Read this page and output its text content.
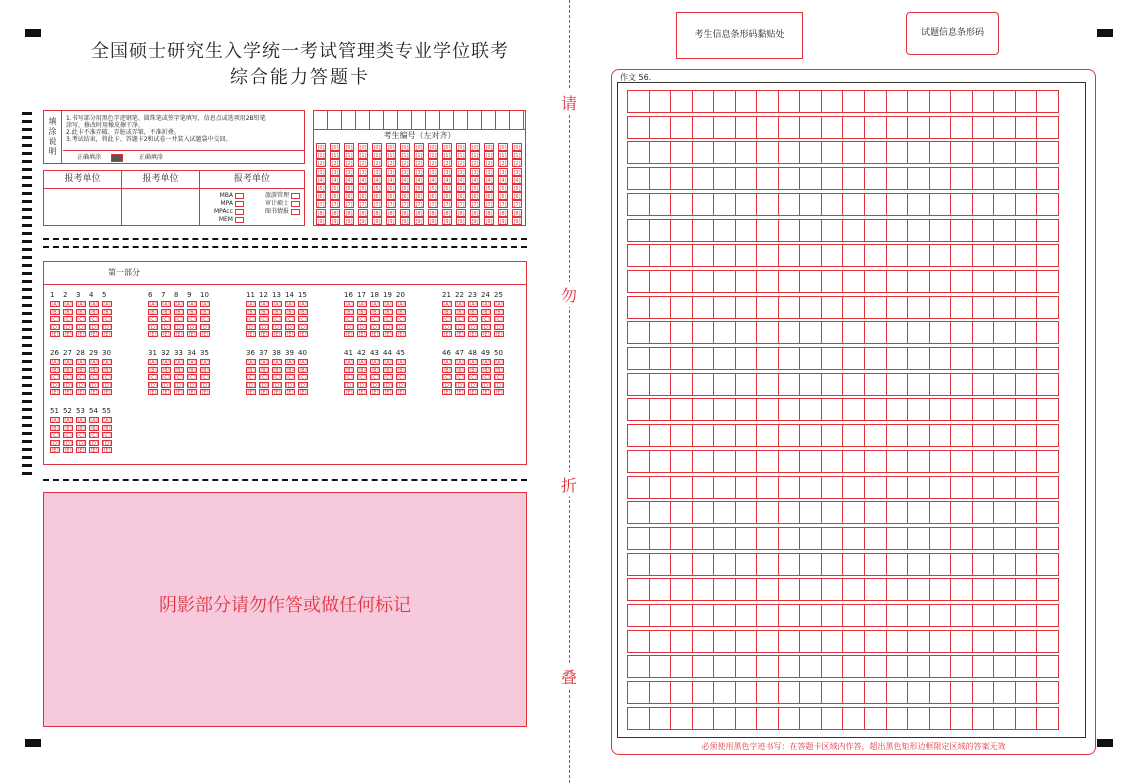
全国硕士研究生入学统一考试管理类专业学位联考
综合能力答题卡
填涂说明
1.书写部分用黑色字迹钢笔、圆珠笔或签字笔填写，信息点或选项用2B铅笔
涂写，修改时用橡皮擦干净。
2.此卡不准弄破、弄脏或弄皱，不准折叠。
3.考试结束，将此卡、答题卡2和试卷一并装入试题袋中交回。
正确填涂	正确填涂
考生编号（左对齐）
[0] [0] [0] [0] [0] [0] [0] [0] [0] [0] [0] [0] [0] [0] [0]
[1] [1] [1] [1] [1] [1] [1] [1] [1] [1] [1] [1] [1] [1] [1]
[2] [2] [2] [2] [2] [2] [2] [2] [2] [2] [2] [2] [2] [2] [2]
[3] [3] [3] [3] [3] [3] [3] [3] [3] [3] [3] [3] [3] [3] [3]
[4] [4] [4] [4] [4] [4] [4] [4] [4] [4] [4] [4] [4] [4] [4]
[5] [5] [5] [5] [5] [5] [5] [5] [5] [5] [5] [5] [5] [5] [5]
[6] [6] [6] [6] [6] [6] [6] [6] [6] [6] [6] [6] [6] [6] [6]
[7] [7] [7] [7] [7] [7] [7] [7] [7] [7] [7] [7] [7] [7] [7]
[8] [8] [8] [8] [8] [8] [8] [8] [8] [8] [8] [8] [8] [8] [8]
[9] [9] [9] [9] [9] [9] [9] [9] [9] [9] [9] [9] [9] [9] [9]
报考单位	报考单位	报考单位
MBA
MPA
MPAcc
MEM
旅游管理
审计硕士
图书情报
第一部分
1
[A]
[B]
[C]
[D]
[E]
2
[A]
[B]
[C]
[D]
[E]
3
[A]
[B]
[C]
[D]
[E]
4
[A]
[B]
[C]
[D]
[E]
5
[A]
[B]
[C]
[D]
[E]
6
[A]
[B]
[C]
[D]
[E]
7
[A]
[B]
[C]
[D]
[E]
8
[A]
[B]
[C]
[D]
[E]
9
[A]
[B]
[C]
[D]
[E]
10
[A]
[B]
[C]
[D]
[E]
11
[A]
[B]
[C]
[D]
[E]
12
[A]
[B]
[C]
[D]
[E]
13
[A]
[B]
[C]
[D]
[E]
14
[A]
[B]
[C]
[D]
[E]
15
[A]
[B]
[C]
[D]
[E]
16
[A]
[B]
[C]
[D]
[E]
17
[A]
[B]
[C]
[D]
[E]
18
[A]
[B]
[C]
[D]
[E]
19
[A]
[B]
[C]
[D]
[E]
20
[A]
[B]
[C]
[D]
[E]
21
[A]
[B]
[C]
[D]
[E]
22
[A]
[B]
[C]
[D]
[E]
23
[A]
[B]
[C]
[D]
[E]
24
[A]
[B]
[C]
[D]
[E]
25
[A]
[B]
[C]
[D]
[E]
26
[A]
[B]
[C]
[D]
[E]
27
[A]
[B]
[C]
[D]
[E]
28
[A]
[B]
[C]
[D]
[E]
29
[A]
[B]
[C]
[D]
[E]
30
[A]
[B]
[C]
[D]
[E]
31
[A]
[B]
[C]
[D]
[E]
32
[A]
[B]
[C]
[D]
[E]
33
[A]
[B]
[C]
[D]
[E]
34
[A]
[B]
[C]
[D]
[E]
35
[A]
[B]
[C]
[D]
[E]
36
[A]
[B]
[C]
[D]
[E]
37
[A]
[B]
[C]
[D]
[E]
38
[A]
[B]
[C]
[D]
[E]
39
[A]
[B]
[C]
[D]
[E]
40
[A]
[B]
[C]
[D]
[E]
41
[A]
[B]
[C]
[D]
[E]
42
[A]
[B]
[C]
[D]
[E]
43
[A]
[B]
[C]
[D]
[E]
44
[A]
[B]
[C]
[D]
[E]
45
[A]
[B]
[C]
[D]
[E]
46
[A]
[B]
[C]
[D]
[E]
47
[A]
[B]
[C]
[D]
[E]
48
[A]
[B]
[C]
[D]
[E]
49
[A]
[B]
[C]
[D]
[E]
50
[A]
[B]
[C]
[D]
[E]
51
[A]
[B]
[C]
[D]
[E]
52
[A]
[B]
[C]
[D]
[E]
53
[A]
[B]
[C]
[D]
[E]
54
[A]
[B]
[C]
[D]
[E]
55
[A]
[B]
[C]
[D]
[E]
阴影部分请勿作答或做任何标记
请
勿
折
叠
考生信息条形码黏贴处	试题信息条形码
作文 56.
必须使用黑色字迹书写：在答题卡区域内作答，超出黑色矩形边框限定区域的答案无效
